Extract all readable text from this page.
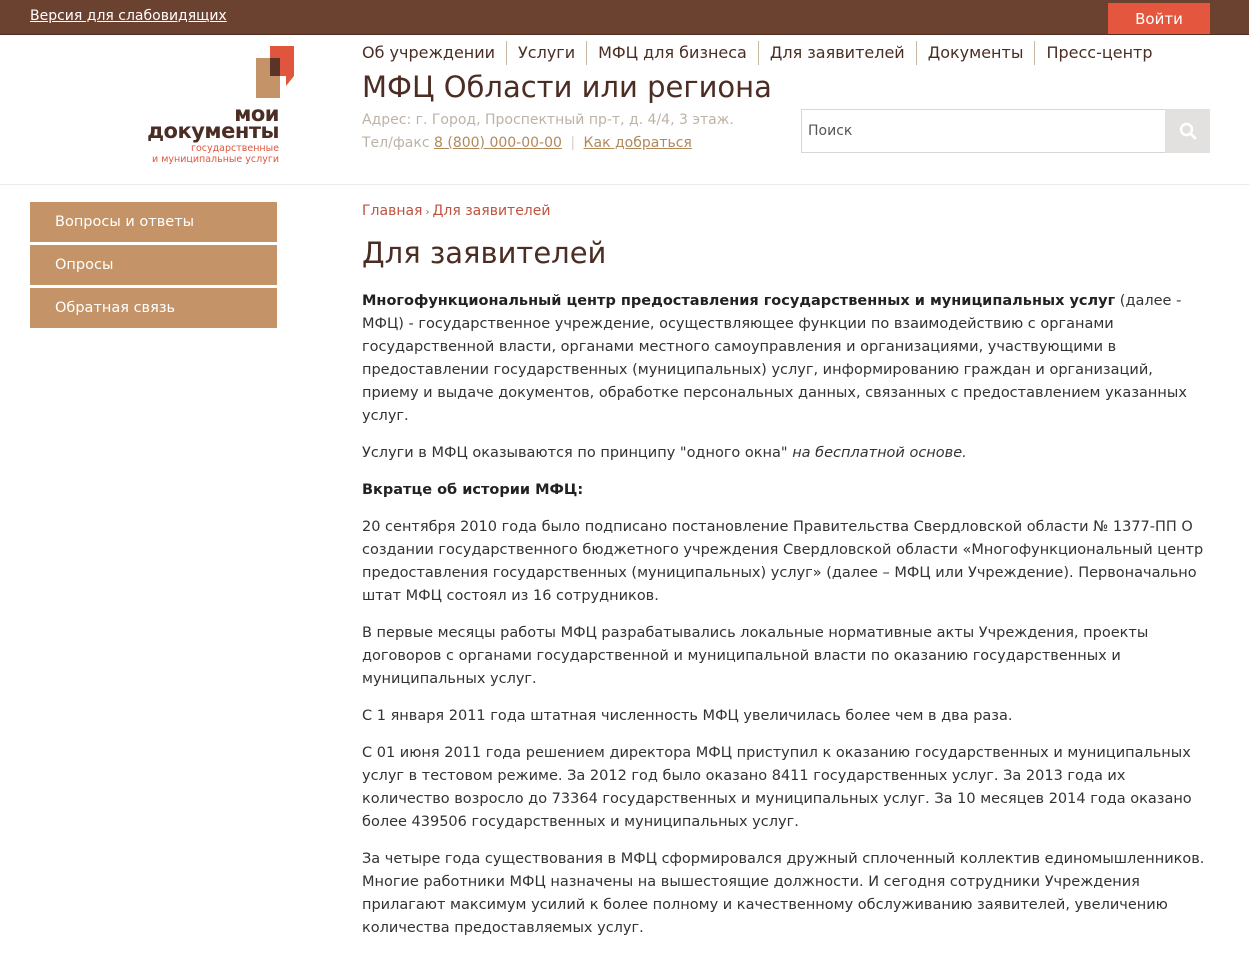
Версия для слабовидящих	Войти
мои
документы
государственные
и муниципальные услуги
Об учреждении	Услуги	МФЦ для бизнеса	Для заявителей	Документы	Пресс-центр
МФЦ Области или региона
Адрес: г. Город, Проспектный пр-т, д. 4/4, 3 этаж.
Тел/факс 8 (800) 000-00-00 | Как добраться
Поиск
Вопросы и ответы
Опросы
Обратная связь
Главная › Для заявителей
Для заявителей

Многофункциональный центр предоставления государственных и муниципальных услуг (далее - МФЦ) - государственное учреждение, осуществляющее функции по взаимодействию с органами государственной власти, органами местного самоуправления и организациями, участвующими в предоставлении государственных (муниципальных) услуг, информированию граждан и организаций, приему и выдаче документов, обработке персональных данных, связанных с предоставлением указанных услуг.

Услуги в МФЦ оказываются по принципу "одного окна" на бесплатной основе.

Вкратце об истории МФЦ:

20 сентября 2010 года было подписано постановление Правительства Свердловской области № 1377-ПП О создании государственного бюджетного учреждения Свердловской области «Многофункциональный центр предоставления государственных (муниципальных) услуг» (далее – МФЦ или Учреждение). Первоначально штат МФЦ состоял из 16 сотрудников.

В первые месяцы работы МФЦ разрабатывались локальные нормативные акты Учреждения, проекты договоров с органами государственной и муниципальной власти по оказанию государственных и муниципальных услуг.

С 1 января 2011 года штатная численность МФЦ увеличилась более чем в два раза.

С 01 июня 2011 года решением директора МФЦ приступил к оказанию государственных и муниципальных услуг в тестовом режиме. За 2012 год было оказано 8411 государственных услуг. За 2013 года их количество возросло до 73364 государственных и муниципальных услуг. За 10 месяцев 2014 года оказано более 439506 государственных и муниципальных услуг.

За четыре года существования в МФЦ сформировался дружный сплоченный коллектив единомышленников. Многие работники МФЦ назначены на вышестоящие должности. И сегодня сотрудники Учреждения прилагают максимум усилий к более полному и качественному обслуживанию заявителей, увеличению количества предоставляемых услуг.
